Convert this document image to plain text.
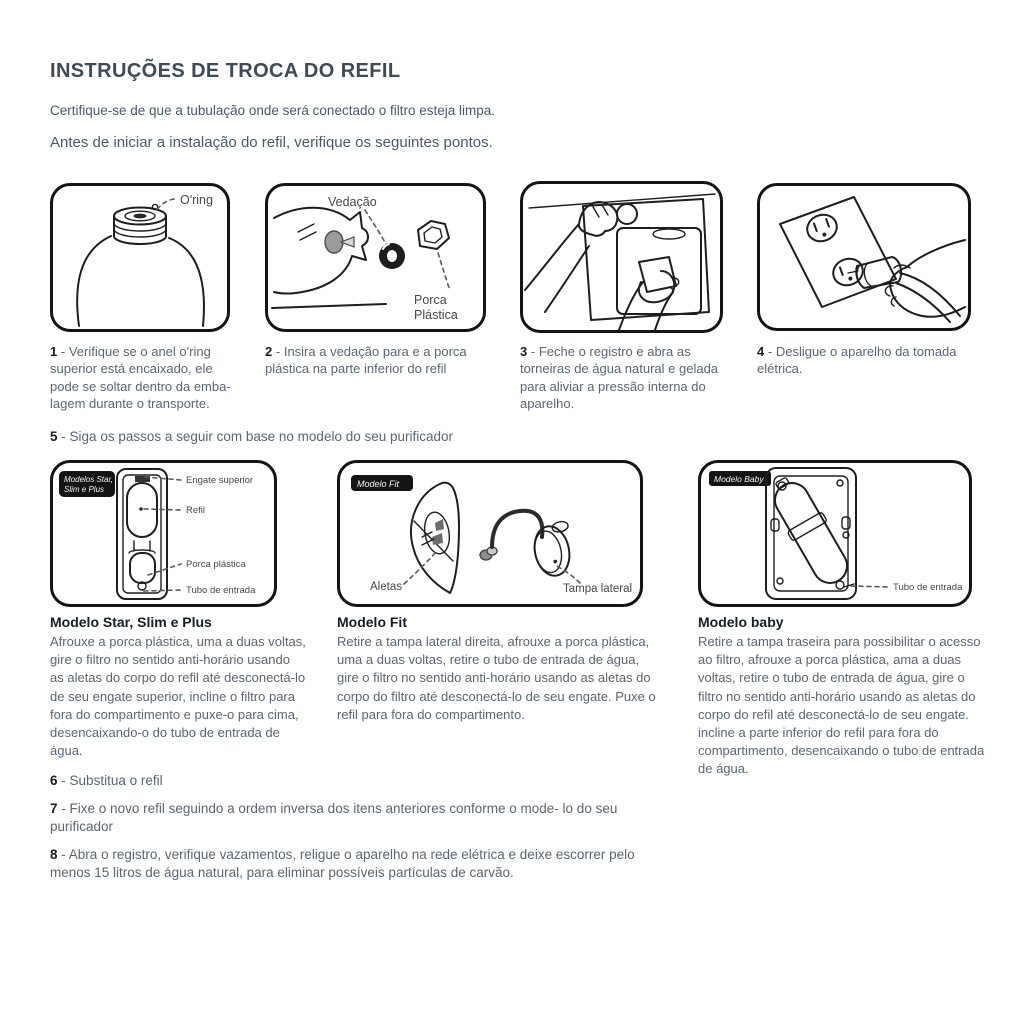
INSTRUÇÕES DE TROCA DO REFIL
Certifique-se de que a tubulação onde será conectado o filtro esteja limpa.
Antes de iniciar a instalação do refil, verifique os seguintes pontos.
O'ring

1 - Verifique se o anel o'ring superior está encaixado, ele pode se soltar dentro da emba- lagem durante o transporte.

Vedação
Porca
Plástica

2 - Insira a vedação para e a porca plástica na parte inferior do refil

3 - Feche o registro e abra as torneiras de água natural e gelada para aliviar a pressão interna do aparelho.

4 - Desligue o aparelho da tomada elétrica.

5 - Siga os passos a seguir com base no modelo do seu purificador

Modelos Star,
Slim e Plus
Engate superior
Refil
Porca plástica
Tubo de entrada

Modelo Star, Slim e Plus

Afrouxe a porca plástica, uma a duas voltas, gire o filtro no sentido anti-horário usando as aletas do corpo do refil até desconectá-lo de seu engate superior, incline o filtro para fora do compartimento e puxe-o para cima, desencaixando-o do tubo de entrada de água.

Modelo Fit
Aletas	Tampa lateral

Modelo Fit

Retire a tampa lateral direita, afrouxe a porca plástica, uma a duas voltas, retire o tubo de entrada de água, gire o filtro no sentido anti-horário usando as aletas do corpo do filtro até desconectá-lo de seu engate. Puxe o refil para fora do compartimento.

Modelo Baby
Tubo de entrada

Modelo baby

Retire a tampa traseira para possibilitar o acesso ao filtro, afrouxe a porca plástica, ama a duas voltas, retire o tubo de entrada de água, gire o filtro no sentido anti-horário usando as aletas do corpo do refil até desconectá-lo de seu engate. incline a parte inferior do refil para fora do compartimento, desencaixando o tubo de entrada de água.

6 - Substitua o refil

7 - Fixe o novo refil seguindo a ordem inversa dos itens anteriores conforme o mode- lo do seu purificador

8 - Abra o registro, verifique vazamentos, religue o aparelho na rede elétrica e deixe escorrer pelo menos 15 litros de água natural, para eliminar possíveis partículas de carvão.
